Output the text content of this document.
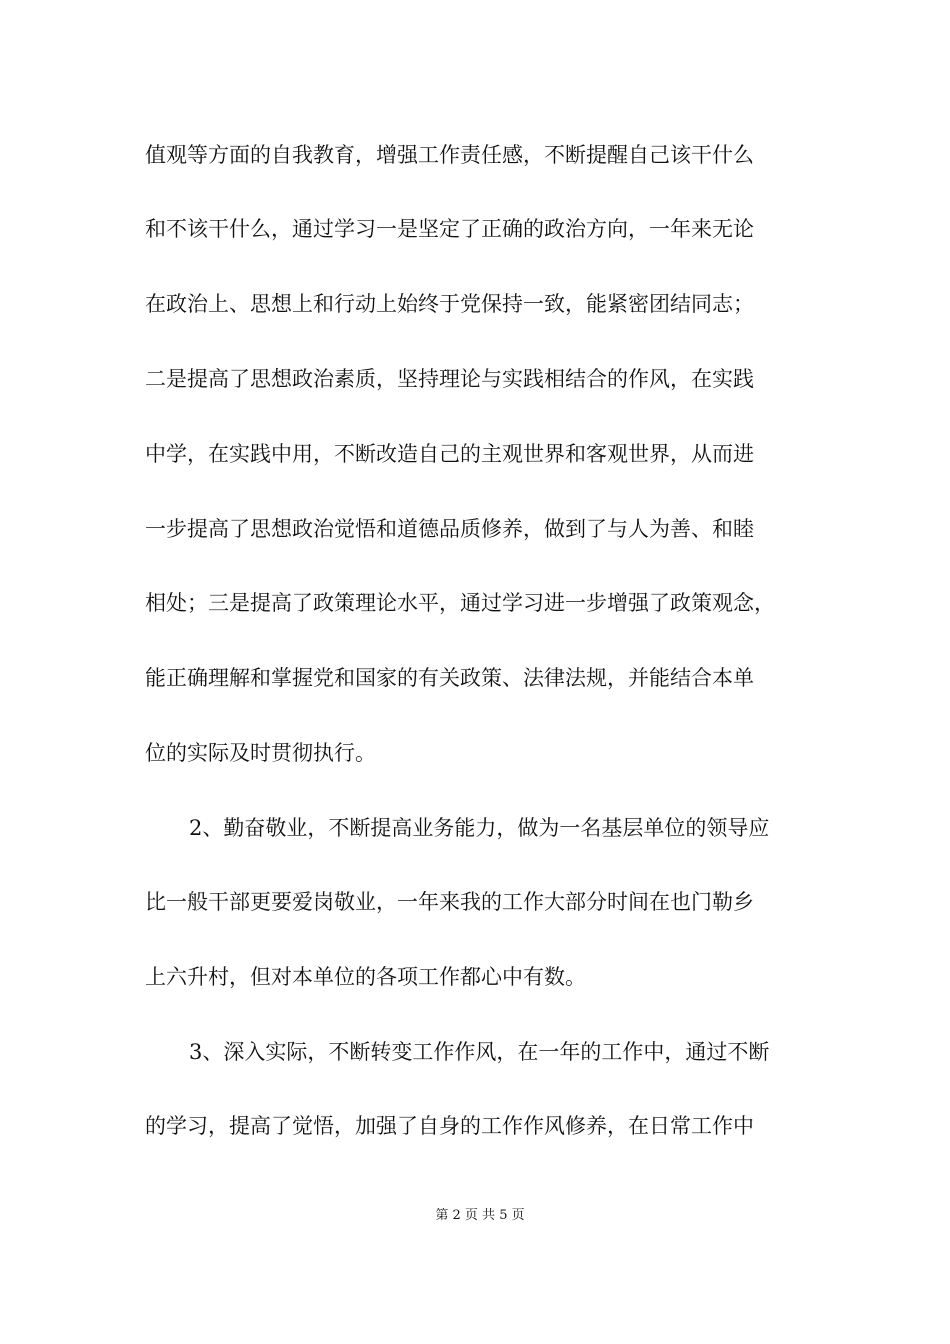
值观等方面的自我教育，增强工作责任感，不断提醒自己该干什么
和不该干什么，通过学习一是坚定了正确的政治方向，一年来无论
在政治上、思想上和行动上始终于党保持一致，能紧密团结同志；
二是提高了思想政治素质，坚持理论与实践相结合的作风，在实践
中学，在实践中用，不断改造自己的主观世界和客观世界，从而进
一步提高了思想政治觉悟和道德品质修养，做到了与人为善、和睦
相处；三是提高了政策理论水平，通过学习进一步增强了政策观念，
能正确理解和掌握党和国家的有关政策、法律法规，并能结合本单
位的实际及时贯彻执行。
2、勤奋敬业，不断提高业务能力，做为一名基层单位的领导应
比一般干部更要爱岗敬业，一年来我的工作大部分时间在也门勒乡
上六升村，但对本单位的各项工作都心中有数。
3、深入实际，不断转变工作作风，在一年的工作中，通过不断
的学习，提高了觉悟，加强了自身的工作作风修养，在日常工作中
第 2 页 共 5 页
